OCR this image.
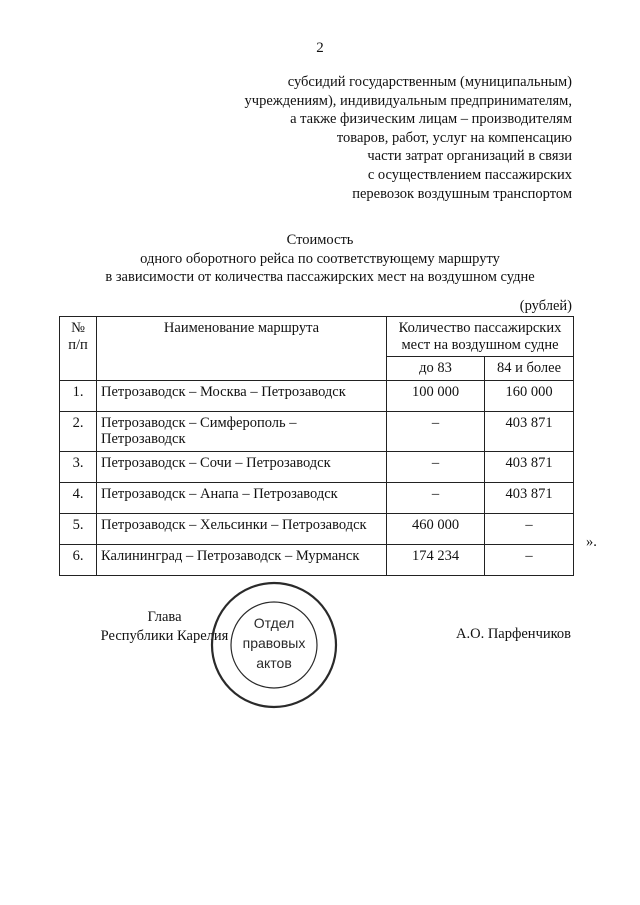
2
субсидий государственным (муниципальным)
учреждениям), индивидуальным предпринимателям,
а также физическим лицам – производителям
товаров, работ, услуг на компенсацию
части затрат организаций в связи
с осуществлением пассажирских
перевозок воздушным транспортом
Стоимость
одного оборотного рейса по соответствующему маршруту
в зависимости от количества пассажирских мест на воздушном судне
(рублей)
№
п/п	Наименование маршрута	Количество пассажирских мест на воздушном судне	
		до 83	84 и более
1.	Петрозаводск – Москва – Петрозаводск	100 000	160 000
2.	Петрозаводск – Симферополь – Петрозаводск	–	403 871
3.	Петрозаводск – Сочи – Петрозаводск	–	403 871
4.	Петрозаводск – Анапа – Петрозаводск	–	403 871
5.	Петрозаводск – Хельсинки – Петрозаводск	460 000	–
6.	Калининград – Петрозаводск – Мурманск	174 234	–
».
Глава
Республики Карелия
Отдел
правовых
актов
А.О. Парфенчиков
